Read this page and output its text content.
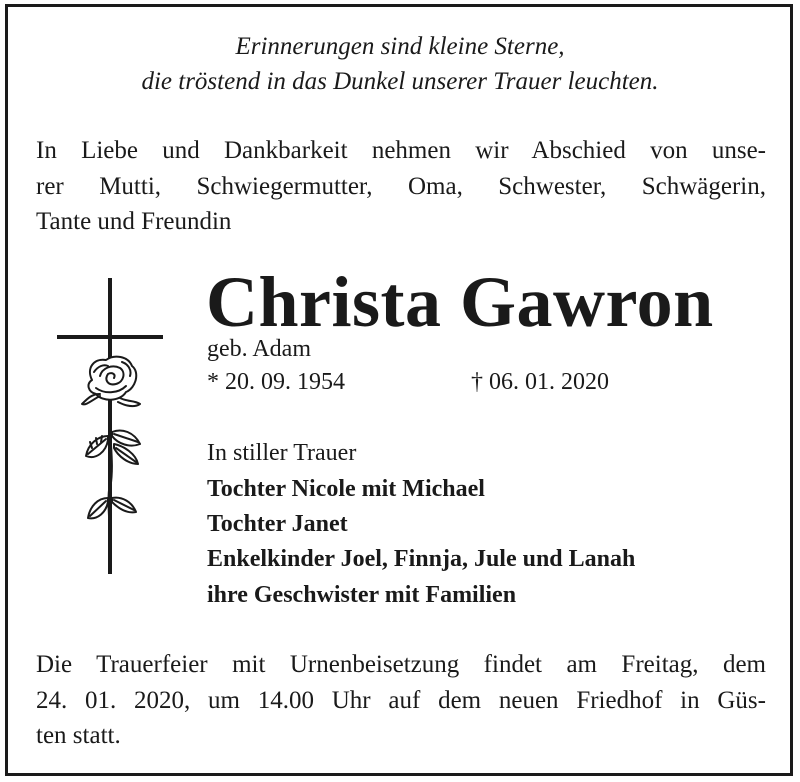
Erinnerungen sind kleine Sterne,
die tröstend in das Dunkel unserer Trauer leuchten.
In Liebe und Dankbarkeit nehmen wir Abschied von unse-
rer Mutti, Schwiegermutter, Oma, Schwester, Schwägerin,
Tante und Freundin
Christa Gawron
geb. Adam
* 20. 09. 1954	† 06. 01. 2020
In stiller Trauer
Tochter Nicole mit Michael
Tochter Janet
Enkelkinder Joel, Finnja, Jule und Lanah
ihre Geschwister mit Familien
Die Trauerfeier mit Urnenbeisetzung findet am Freitag, dem
24. 01. 2020, um 14.00 Uhr auf dem neuen Friedhof in Güs-
ten statt.
